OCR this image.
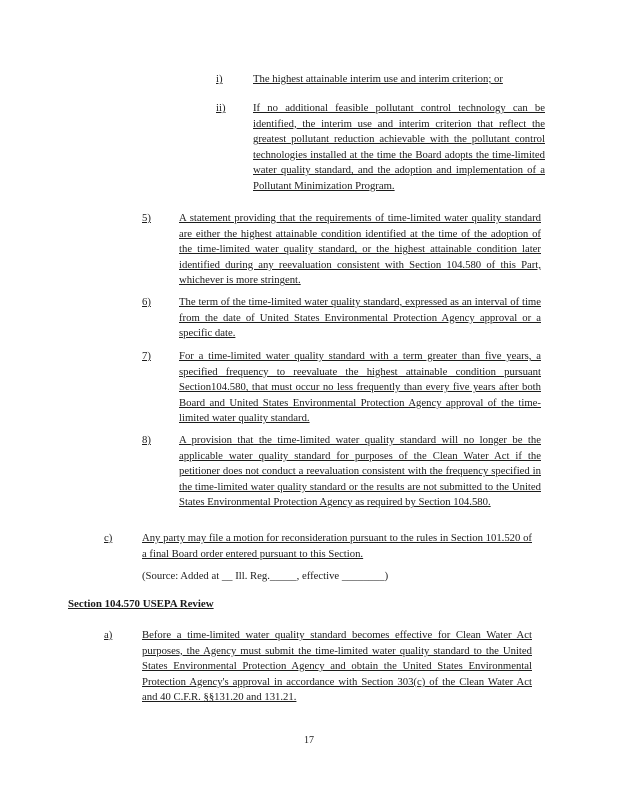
i)	The highest attainable interim use and interim criterion; or

ii)	If no additional feasible pollutant control technology can be identified, the interim use and interim criterion that reflect the greatest pollutant reduction achievable with the pollutant control technologies installed at the time the Board adopts the time-limited water quality standard, and the adoption and implementation of a Pollutant Minimization Program.

5)	A statement providing that the requirements of time-limited water quality standard are either the highest attainable condition identified at the time of the adoption of the time-limited water quality standard, or the highest attainable condition later identified during any reevaluation consistent with Section 104.580 of this Part, whichever is more stringent.

6)	The term of the time-limited water quality standard, expressed as an interval of time from the date of United States Environmental Protection Agency approval or a specific date.

7)	For a time-limited water quality standard with a term greater than five years, a specified frequency to reevaluate the highest attainable condition pursuant Section104.580, that must occur no less frequently than every five years after both Board and United States Environmental Protection Agency approval of the time-limited water quality standard.

8)	A provision that the time-limited water quality standard will no longer be the applicable water quality standard for purposes of the Clean Water Act if the petitioner does not conduct a reevaluation consistent with the frequency specified in the time-limited water quality standard or the results are not submitted to the United States Environmental Protection Agency as required by Section 104.580.

c)	Any party may file a motion for reconsideration pursuant to the rules in Section 101.520 of a final Board order entered pursuant to this Section.

(Source: Added at __ Ill. Reg._____, effective ________)

Section 104.570 USEPA Review

a)	Before a time-limited water quality standard becomes effective for Clean Water Act purposes, the Agency must submit the time-limited water quality standard to the United States Environmental Protection Agency and obtain the United States Environmental Protection Agency's approval in accordance with Section 303(c) of the Clean Water Act and 40 C.F.R. §§131.20 and 131.21.

17
